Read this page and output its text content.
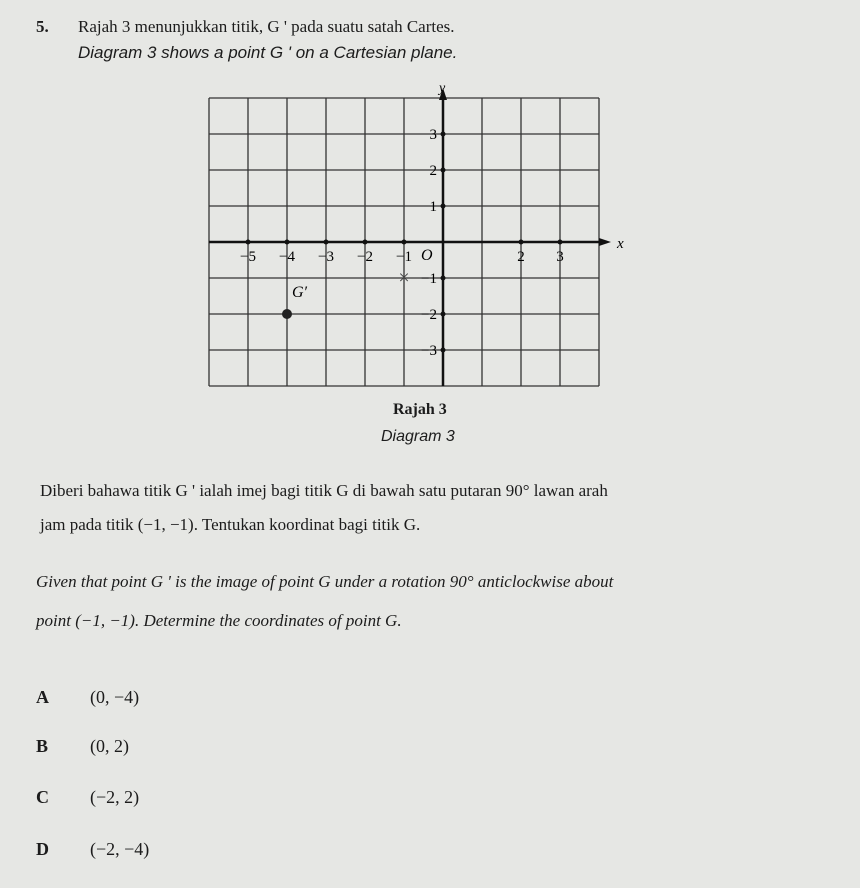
5. Rajah 3 menunjukkan titik, G ' pada suatu satah Cartes.
Diagram 3 shows a point G ' on a Cartesian plane.
x
y
O
−5 −4 −3 −2 −1	2 3
3
2
1
−1
−2
−3
G′
×
Rajah 3
Diagram 3
Diberi bahawa titik G ' ialah imej bagi titik G di bawah satu putaran 90° lawan arah
jam pada titik (−1, −1). Tentukan koordinat bagi titik G.
Given that point G ' is the image of point G under a rotation 90° anticlockwise about
point (−1, −1). Determine the coordinates of point G.
A (0, −4)
B (0, 2)
C (−2, 2)
D (−2, −4)
